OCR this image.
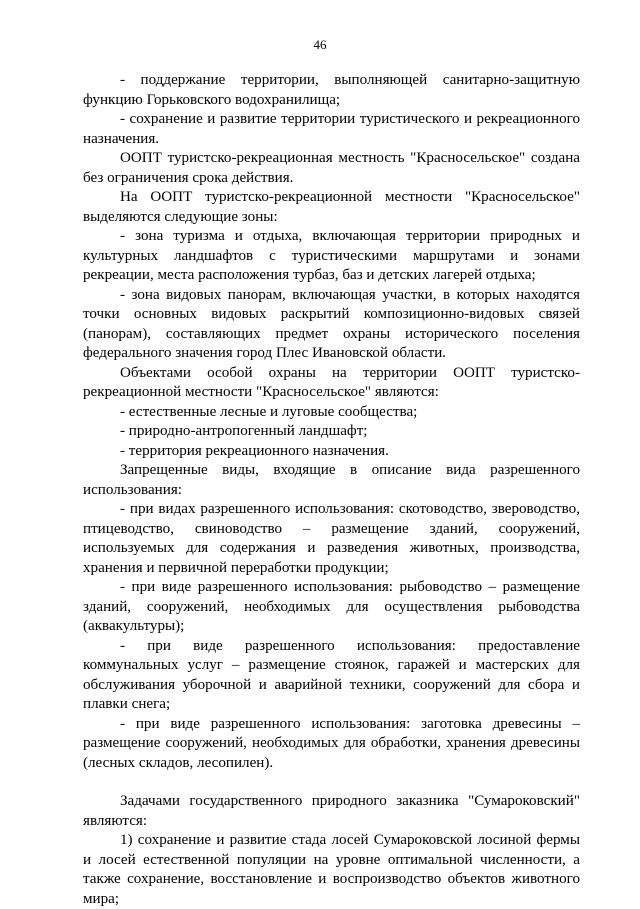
46

- поддержание территории, выполняющей санитарно-защитную функцию Горьковского водохранилища;

- сохранение и развитие территории туристического и рекреационного назначения.

ООПТ туристско-рекреационная местность "Красносельское" создана без ограничения срока действия.

На ООПТ туристско-рекреационной местности "Красносельское" выделяются следующие зоны:

- зона туризма и отдыха, включающая территории природных и культурных ландшафтов с туристическими маршрутами и зонами рекреации, места расположения турбаз, баз и детских лагерей отдыха;

- зона видовых панорам, включающая участки, в которых находятся точки основных видовых раскрытий композиционно-видовых связей (панорам), составляющих предмет охраны исторического поселения федерального значения город Плес Ивановской области.

Объектами особой охраны на территории ООПТ туристско-рекреационной местности "Красносельское" являются:

- естественные лесные и луговые сообщества;

- природно-антропогенный ландшафт;

- территория рекреационного назначения.

Запрещенные виды, входящие в описание вида разрешенного использования:

- при видах разрешенного использования: скотоводство, звероводство, птицеводство, свиноводство – размещение зданий, сооружений, используемых для содержания и разведения животных, производства, хранения и первичной переработки продукции;

- при виде разрешенного использования: рыбоводство – размещение зданий, сооружений, необходимых для осуществления рыбоводства (аквакультуры);

- при виде разрешенного использования: предоставление коммунальных услуг – размещение стоянок, гаражей и мастерских для обслуживания уборочной и аварийной техники, сооружений для сбора и плавки снега;

- при виде разрешенного использования: заготовка древесины – размещение сооружений, необходимых для обработки, хранения древесины (лесных складов, лесопилен).

Задачами государственного природного заказника "Сумароковский" являются:

1) сохранение и развитие стада лосей Сумароковской лосиной фермы и лосей естественной популяции на уровне оптимальной численности, а также сохранение, восстановление и воспроизводство объектов животного мира;
